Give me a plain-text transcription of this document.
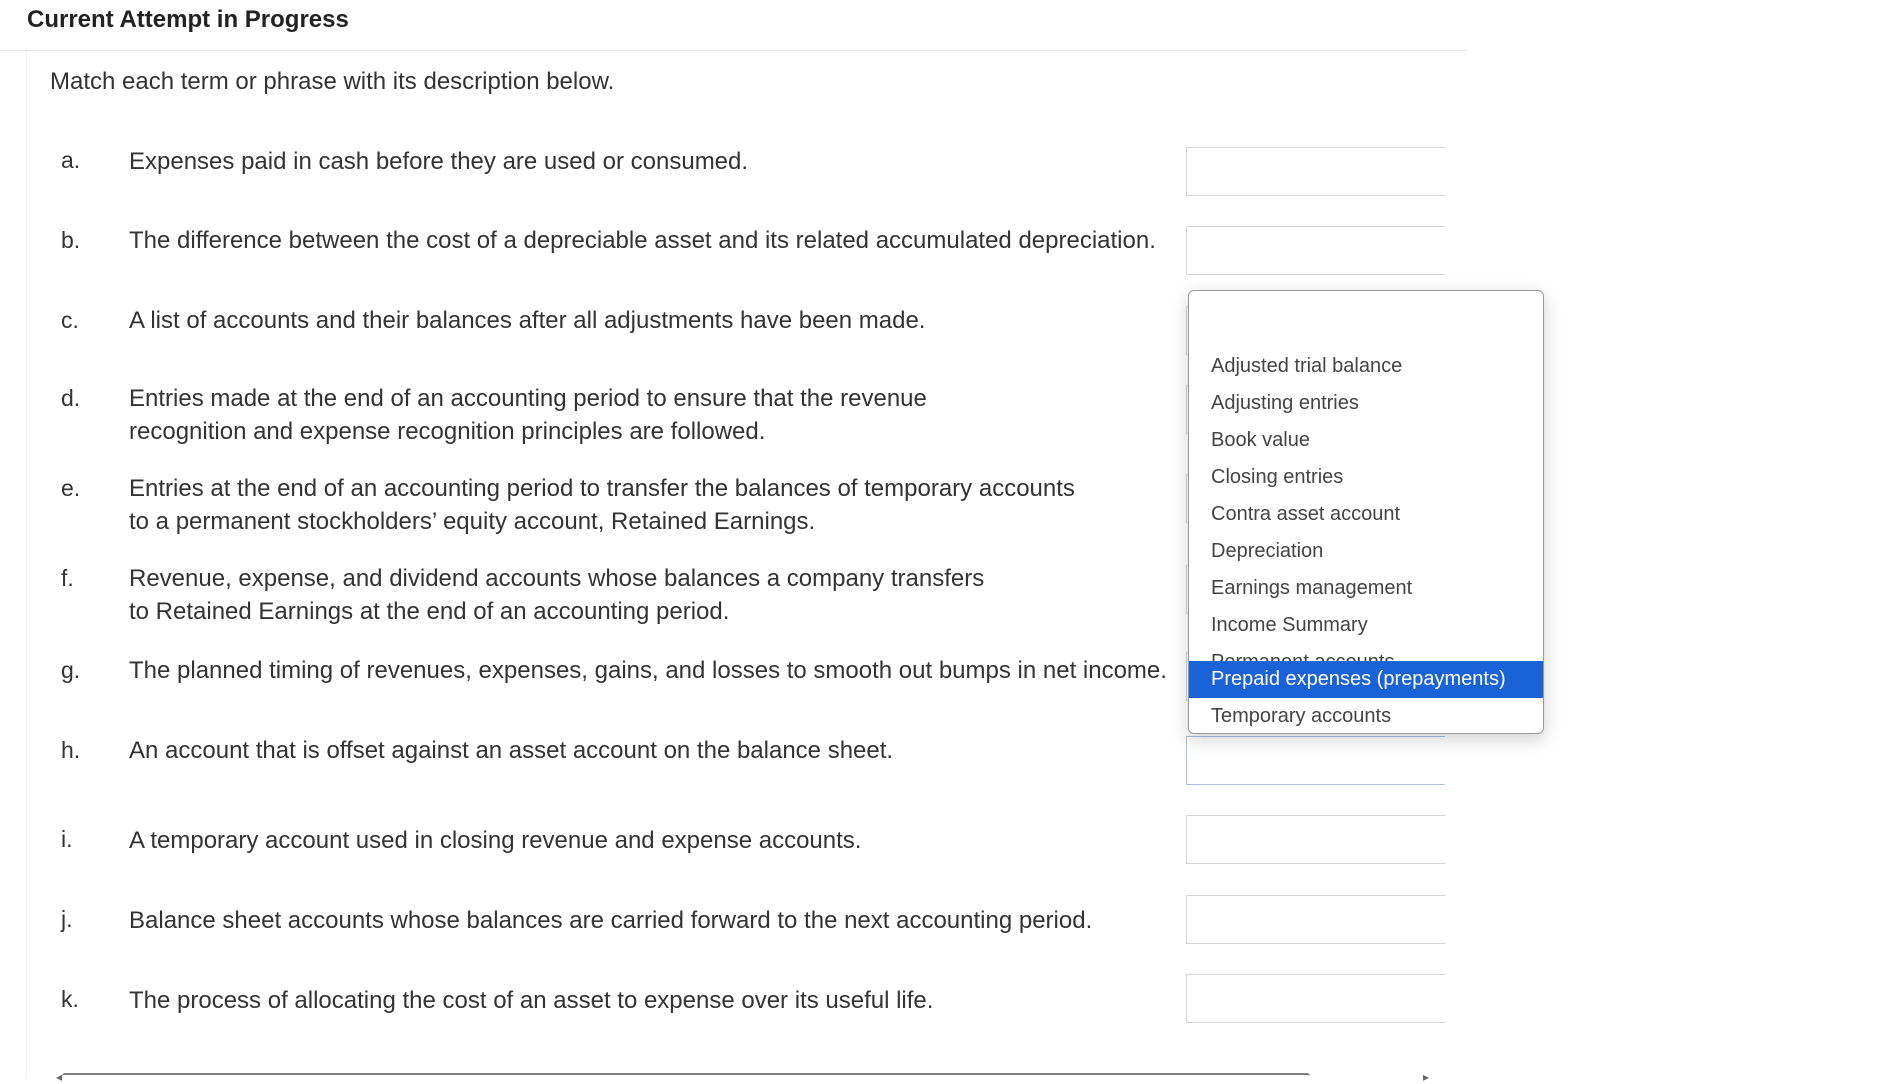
Current Attempt in Progress
Match each term or phrase with its description below.
a. Expenses paid in cash before they are used or consumed.
b. The difference between the cost of a depreciable asset and its related accumulated depreciation.
c. A list of accounts and their balances after all adjustments have been made.
d. Entries made at the end of an accounting period to ensure that the revenue
recognition and expense recognition principles are followed.
e. Entries at the end of an accounting period to transfer the balances of temporary accounts
to a permanent stockholders’ equity account, Retained Earnings.
f. Revenue, expense, and dividend accounts whose balances a company transfers
to Retained Earnings at the end of an accounting period.
g. The planned timing of revenues, expenses, gains, and losses to smooth out bumps in net income.
h. An account that is offset against an asset account on the balance sheet.
i. A temporary account used in closing revenue and expense accounts.
j. Balance sheet accounts whose balances are carried forward to the next accounting period.
k. The process of allocating the cost of an asset to expense over its useful life.
Adjusted trial balance
Adjusting entries
Book value
Closing entries
Contra asset account
Depreciation
Earnings management
Income Summary
Prepaid expenses (prepayments)
Temporary accounts
◂	▸
